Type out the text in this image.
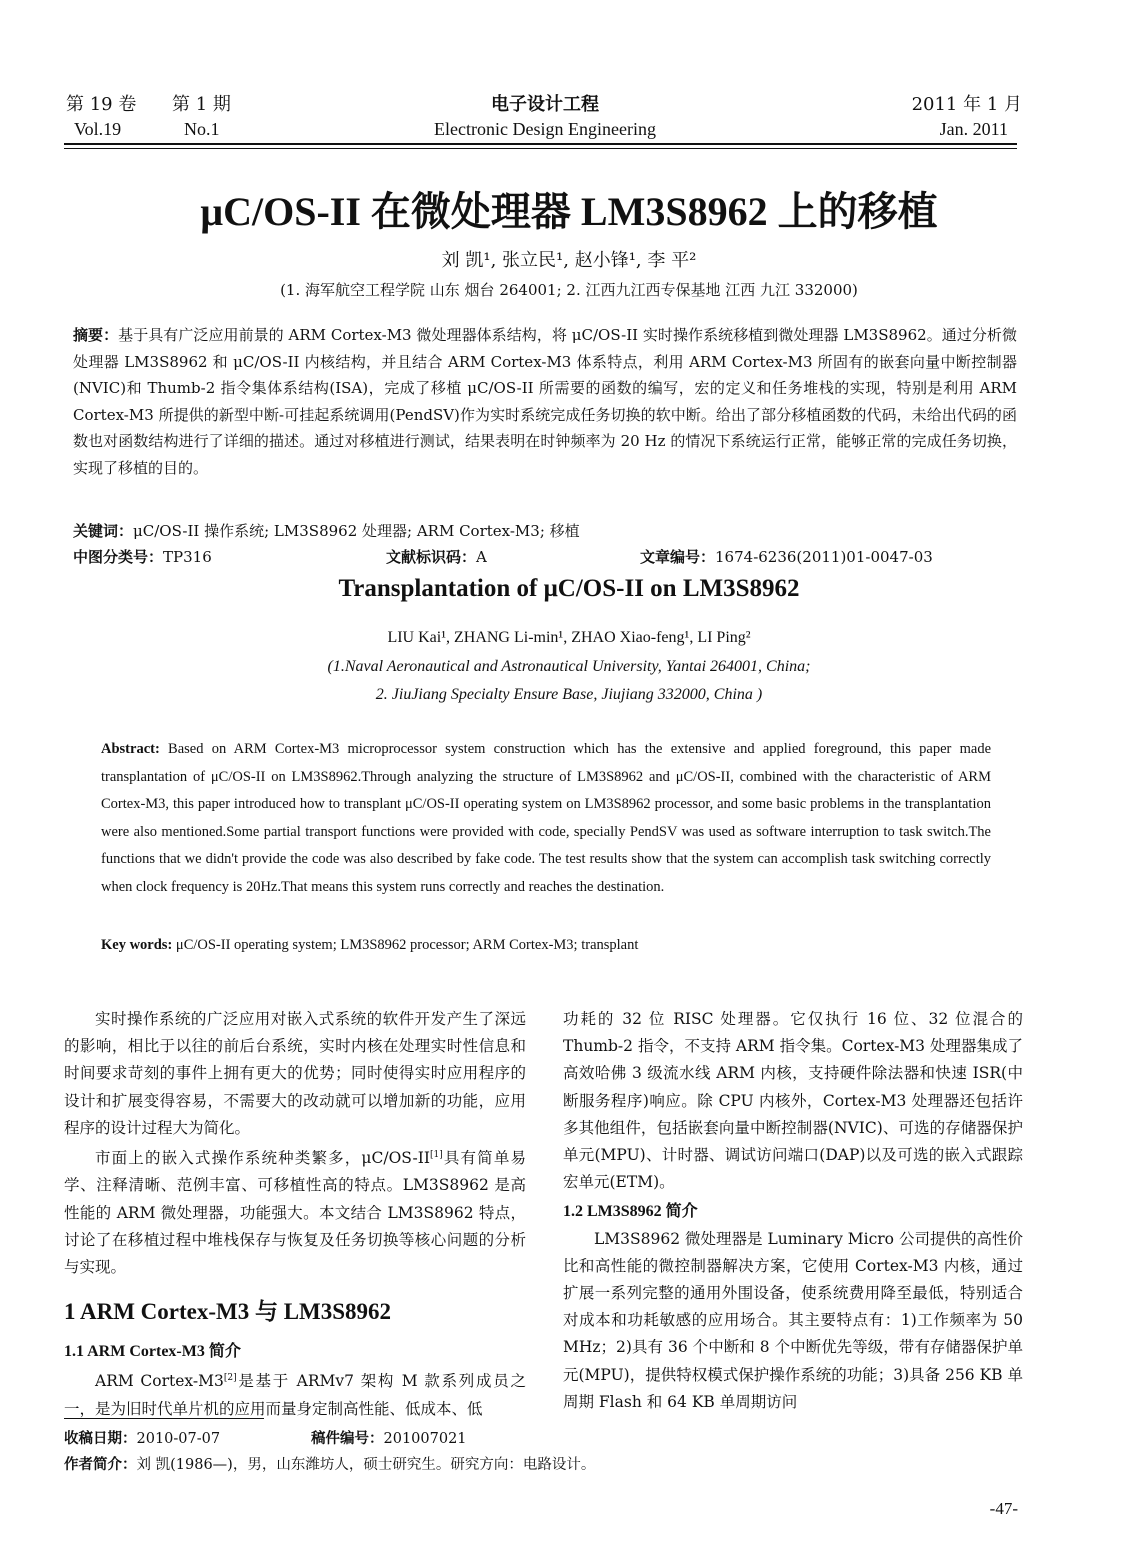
第 19 卷 第 1 期
Vol.19	No.1
电子设计工程
Electronic Design Engineering
2011 年 1 月
Jan. 2011
μC/OS-II 在微处理器 LM3S8962 上的移植
刘 凯¹, 张立民¹, 赵小锋¹, 李 平²
(1. 海军航空工程学院 山东 烟台 264001; 2. 江西九江西专保基地 江西 九江 332000)
摘要：基于具有广泛应用前景的 ARM Cortex-M3 微处理器体系结构，将 μC/OS-II 实时操作系统移植到微处理器 LM3S8962。通过分析微处理器 LM3S8962 和 μC/OS-II 内核结构，并且结合 ARM Cortex-M3 体系特点，利用 ARM Cortex-M3 所固有的嵌套向量中断控制器(NVIC)和 Thumb-2 指令集体系结构(ISA)，完成了移植 μC/OS-II 所需要的函数的编写，宏的定义和任务堆栈的实现，特别是利用 ARM Cortex-M3 所提供的新型中断-可挂起系统调用(PendSV)作为实时系统完成任务切换的软中断。给出了部分移植函数的代码，未给出代码的函数也对函数结构进行了详细的描述。通过对移植进行测试，结果表明在时钟频率为 20 Hz 的情况下系统运行正常，能够正常的完成任务切换，实现了移植的目的。
关键词：μC/OS-II 操作系统; LM3S8962 处理器; ARM Cortex-M3; 移植
中图分类号：TP316	文献标识码：A	文章编号：1674-6236(2011)01-0047-03
Transplantation of μC/OS-II on LM3S8962
LIU Kai¹, ZHANG Li-min¹, ZHAO Xiao-feng¹, LI Ping²
(1.Naval Aeronautical and Astronautical University, Yantai 264001, China;
2. JiuJiang Specialty Ensure Base, Jiujiang 332000, China )
Abstract: Based on ARM Cortex-M3 microprocessor system construction which has the extensive and applied foreground, this paper made transplantation of μC/OS-II on LM3S8962.Through analyzing the structure of LM3S8962 and μC/OS-II, combined with the characteristic of ARM Cortex-M3, this paper introduced how to transplant μC/OS-II operating system on LM3S8962 processor, and some basic problems in the transplantation were also mentioned.Some partial transport functions were provided with code, specially PendSV was used as software interruption to task switch.The functions that we didn't provide the code was also described by fake code. The test results show that the system can accomplish task switching correctly when clock frequency is 20Hz.That means this system runs correctly and reaches the destination.
Key words: μC/OS-II operating system; LM3S8962 processor; ARM Cortex-M3; transplant

实时操作系统的广泛应用对嵌入式系统的软件开发产生了深远的影响，相比于以往的前后台系统，实时内核在处理实时性信息和时间要求苛刻的事件上拥有更大的优势；同时使得实时应用程序的设计和扩展变得容易，不需要大的改动就可以增加新的功能，应用程序的设计过程大为简化。

市面上的嵌入式操作系统种类繁多，μC/OS-II[1]具有简单易学、注释清晰、范例丰富、可移植性高的特点。LM3S8962 是高性能的 ARM 微处理器，功能强大。本文结合 LM3S8962 特点，讨论了在移植过程中堆栈保存与恢复及任务切换等核心问题的分析与实现。

1 ARM Cortex-M3 与 LM3S8962

1.1 ARM Cortex-M3 简介

ARM Cortex-M3[2]是基于 ARMv7 架构 M 款系列成员之一，是为旧时代单片机的应用而量身定制高性能、低成本、低

功耗的 32 位 RISC 处理器。它仅执行 16 位、32 位混合的 Thumb-2 指令，不支持 ARM 指令集。Cortex-M3 处理器集成了高效哈佛 3 级流水线 ARM 内核，支持硬件除法器和快速 ISR(中断服务程序)响应。除 CPU 内核外，Cortex-M3 处理器还包括许多其他组件，包括嵌套向量中断控制器(NVIC)、可选的存储器保护单元(MPU)、计时器、调试访问端口(DAP)以及可选的嵌入式跟踪宏单元(ETM)。

1.2 LM3S8962 简介

LM3S8962 微处理器是 Luminary Micro 公司提供的高性价比和高性能的微控制器解决方案，它使用 Cortex-M3 内核，通过扩展一系列完整的通用外围设备，使系统费用降至最低，特别适合对成本和功耗敏感的应用场合。其主要特点有：1)工作频率为 50 MHz；2)具有 36 个中断和 8 个中断优先等级，带有存储器保护单元(MPU)，提供特权模式保护操作系统的功能；3)具备 256 KB 单周期 Flash 和 64 KB 单周期访问

收稿日期：2010-07-07	稿件编号：201007021
作者简介：刘 凯(1986—)，男，山东潍坊人，硕士研究生。研究方向：电路设计。
-47-
